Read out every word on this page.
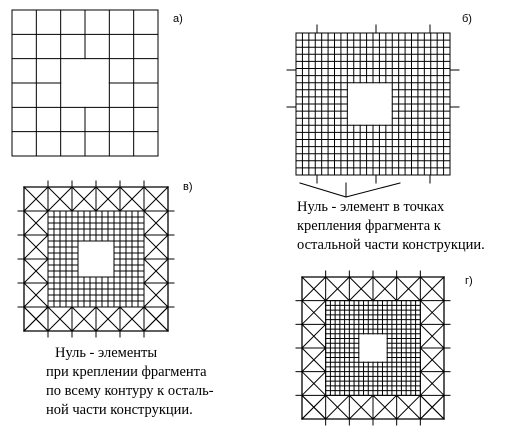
а)	б)
в)
г)
Нуль - элемент в точках
крепления фрагмента к
остальной части конструкции.
Нуль - элементы
при креплении фрагмента
по всему контуру к осталь-
ной части конструкции.
